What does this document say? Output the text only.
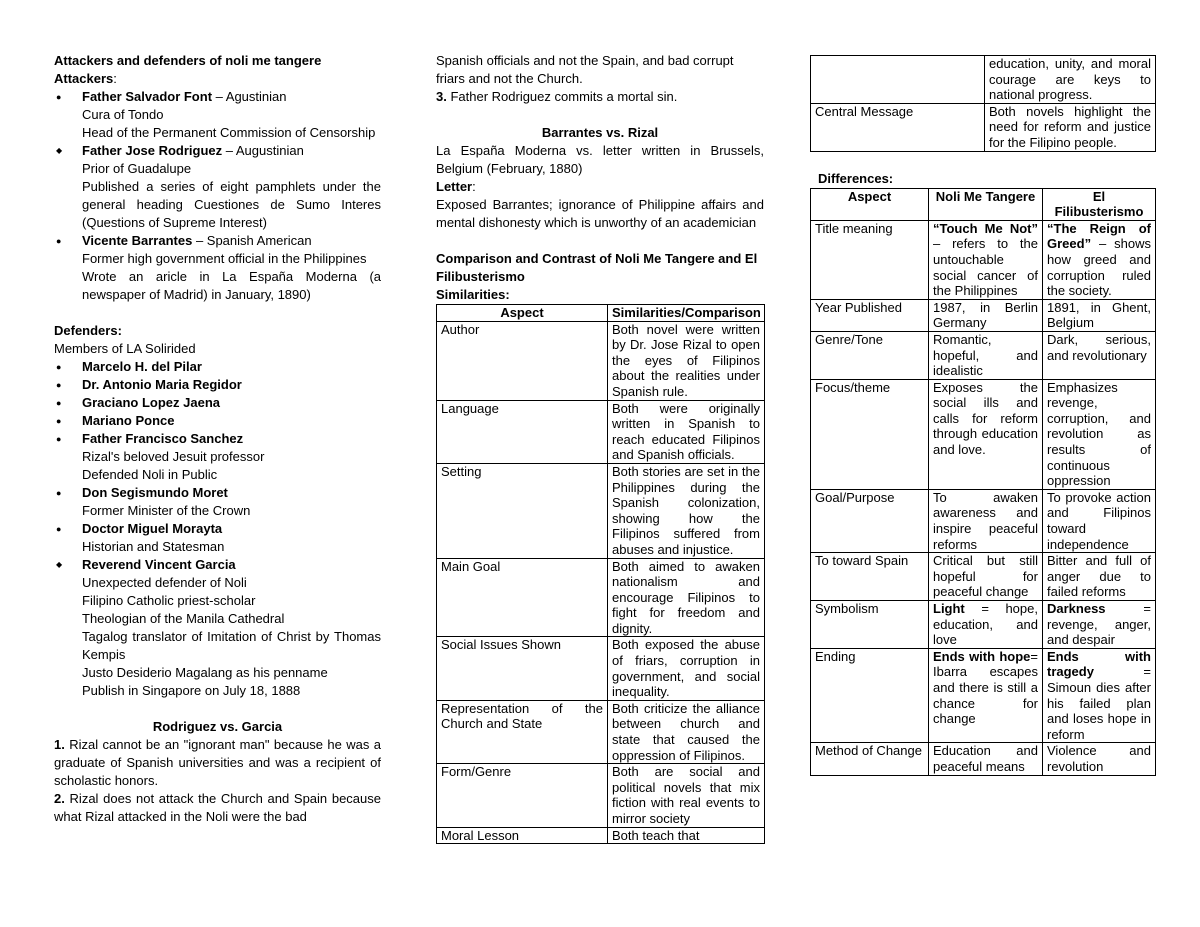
Attackers and defenders of noli me tangere
Attackers:
● Father Salvador Font – Agustinian
Cura of Tondo
Head of the Permanent Commission of Censorship
◆ Father Jose Rodriguez – Augustinian
Prior of Guadalupe
Published a series of eight pamphlets under the general heading Cuestiones de Sumo Interes (Questions of Supreme Interest)
● Vicente Barrantes – Spanish American
Former high government official in the Philippines
Wrote an aricle in La España Moderna (a newspaper of Madrid) in January, 1890)
Defenders:
Members of LA Solirided
● Marcelo H. del Pilar
● Dr. Antonio Maria Regidor
● Graciano Lopez Jaena
● Mariano Ponce
● Father Francisco Sanchez
Rizal's beloved Jesuit professor
Defended Noli in Public
● Don Segismundo Moret
Former Minister of the Crown
● Doctor Miguel Morayta
Historian and Statesman
◆ Reverend Vincent Garcia
Unexpected defender of Noli
Filipino Catholic priest-scholar
Theologian of the Manila Cathedral
Tagalog translator of Imitation of Christ by Thomas Kempis
Justo Desiderio Magalang as his penname
Publish in Singapore on July 18, 1888
Rodriguez vs. Garcia
1. Rizal cannot be an "ignorant man" because he was a graduate of Spanish universities and was a recipient of scholastic honors.
2. Rizal does not attack the Church and Spain because what Rizal attacked in the Noli were the bad
Spanish officials and not the Spain, and bad corrupt friars and not the Church.
3. Father Rodriguez commits a mortal sin.
Barrantes vs. Rizal
La España Moderna vs. letter written in Brussels, Belgium (February, 1880)
Letter:
Exposed Barrantes; ignorance of Philippine affairs and mental dishonesty which is unworthy of an academician
Comparison and Contrast of Noli Me Tangere and El Filibusterismo
Similarities:
Aspect	Similarities/Comparison
Author	Both novel were written by Dr. Jose Rizal to open the eyes of Filipinos about the realities under Spanish rule.
Language	Both were originally written in Spanish to reach educated Filipinos and Spanish officials.
Setting	Both stories are set in the Philippines during the Spanish colonization, showing how the Filipinos suffered from abuses and injustice.
Main Goal	Both aimed to awaken nationalism and encourage Filipinos to fight for freedom and dignity.
Social Issues Shown	Both exposed the abuse of friars, corruption in government, and social inequality.
Representation of the Church and State	Both criticize the alliance between church and state that caused the oppression of Filipinos.
Form/Genre	Both are social and political novels that mix fiction with real events to mirror society
Moral Lesson	Both teach that
	education, unity, and moral courage are keys to national progress.
Central Message	Both novels highlight the need for reform and justice for the Filipino people.
Differences:
Aspect	Noli Me Tangere	El Filibusterismo
Title meaning	“Touch Me Not” – refers to the untouchable social cancer of the Philippines	“The Reign of Greed” – shows how greed and corruption ruled the society.
Year Published	1987, in Berlin Germany	1891, in Ghent, Belgium
Genre/Tone	Romantic, hopeful, and idealistic	Dark, serious, and revolutionary
Focus/theme	Exposes the social ills and calls for reform through education and love.	Emphasizes revenge, corruption, and revolution as results of continuous oppression
Goal/Purpose	To awaken awareness and inspire peaceful reforms	To provoke action and Filipinos toward independence
To toward Spain	Critical but still hopeful for peaceful change	Bitter and full of anger due to failed reforms
Symbolism	Light = hope, education, and love	Darkness = revenge, anger, and despair
Ending	Ends with hope= Ibarra escapes and there is still a chance for change	Ends with tragedy = Simoun dies after his failed plan and loses hope in reform
Method of Change	Education and peaceful means	Violence and revolution
